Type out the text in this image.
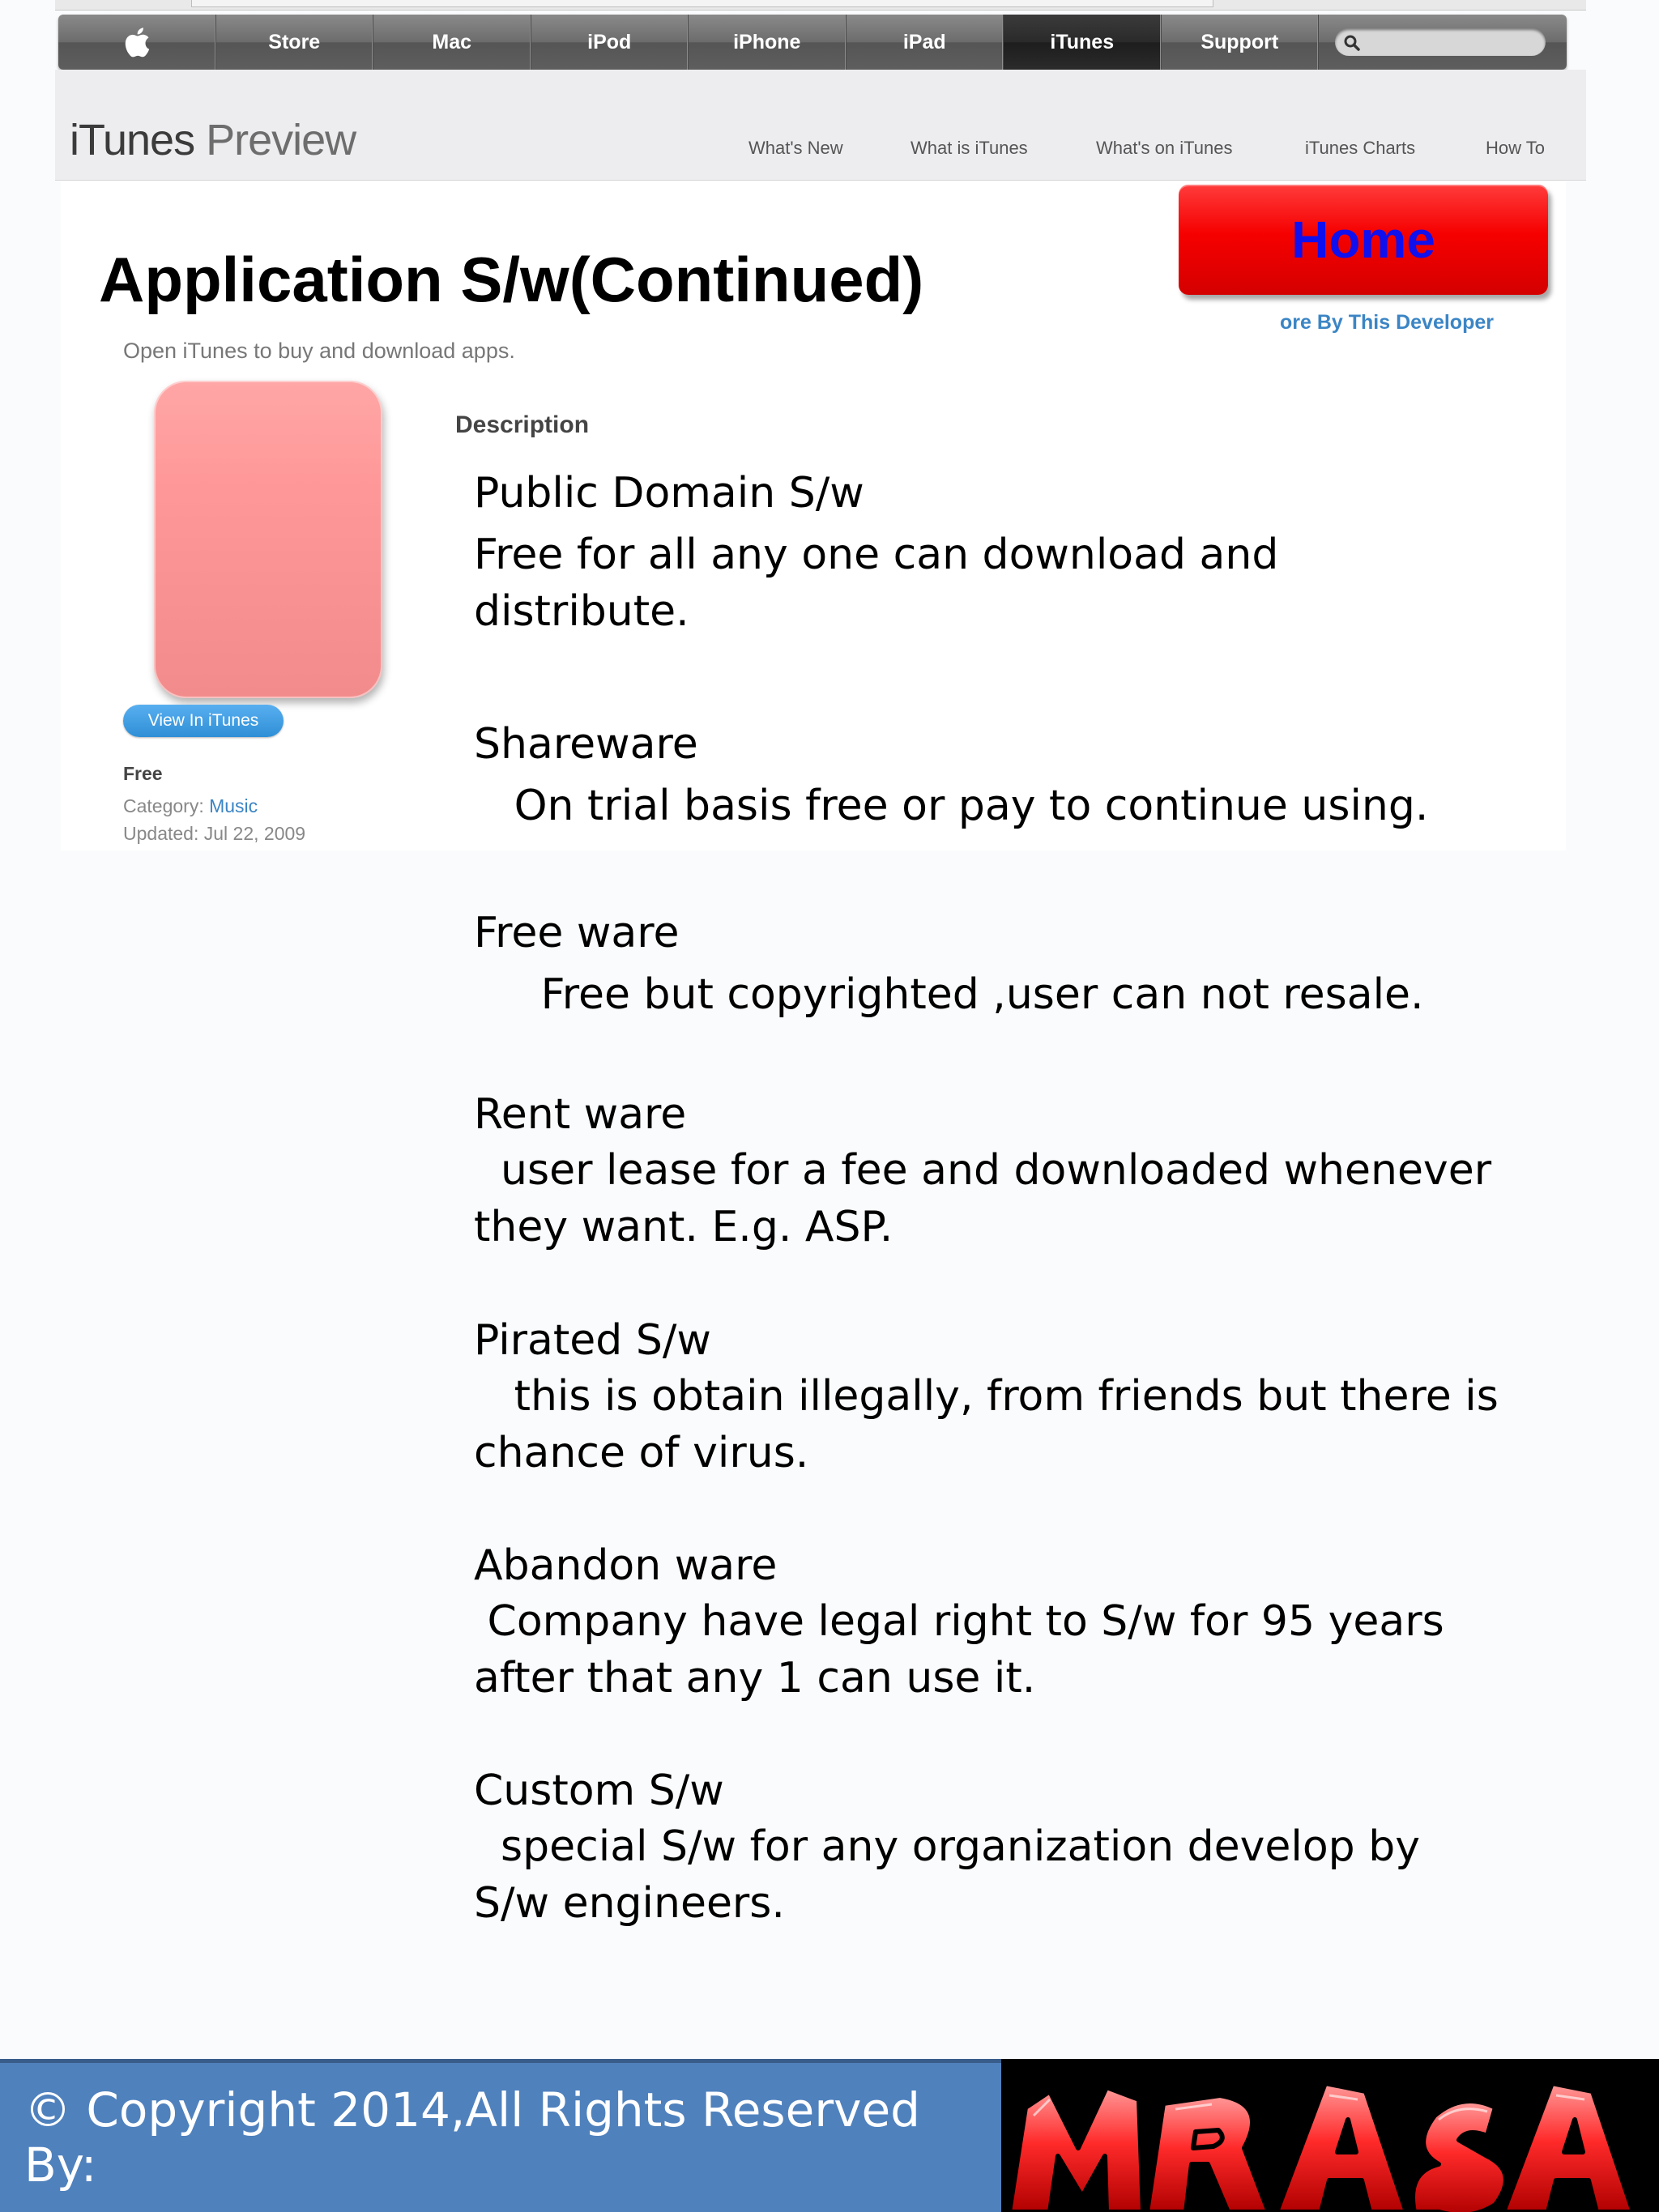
Store	Mac	iPod	iPhone	iPad	iTunes	Support
iTunes Preview	What's New	What is iTunes	What's on iTunes	iTunes Charts	How To
Home
ore By This Developer
Application S/w(Continued)
Open iTunes to buy and download apps.
View In iTunes
Free
Category: Music
Updated: Jul 22, 2009
Description
Public Domain S/w
Free for all any one can download and
distribute.
Shareware
On trial basis free or pay to continue using.
Free ware
Free but copyrighted ,user can not resale.
Rent ware
user lease for a fee and downloaded whenever
they want. E.g. ASP.
Pirated S/w
this is obtain illegally, from friends but there is
chance of virus.
Abandon ware
Company have legal right to S/w for 95 years
after that any 1 can use it.
Custom S/w
special S/w for any organization develop by
S/w engineers.
© Copyright 2014,All Rights Reserved By:
